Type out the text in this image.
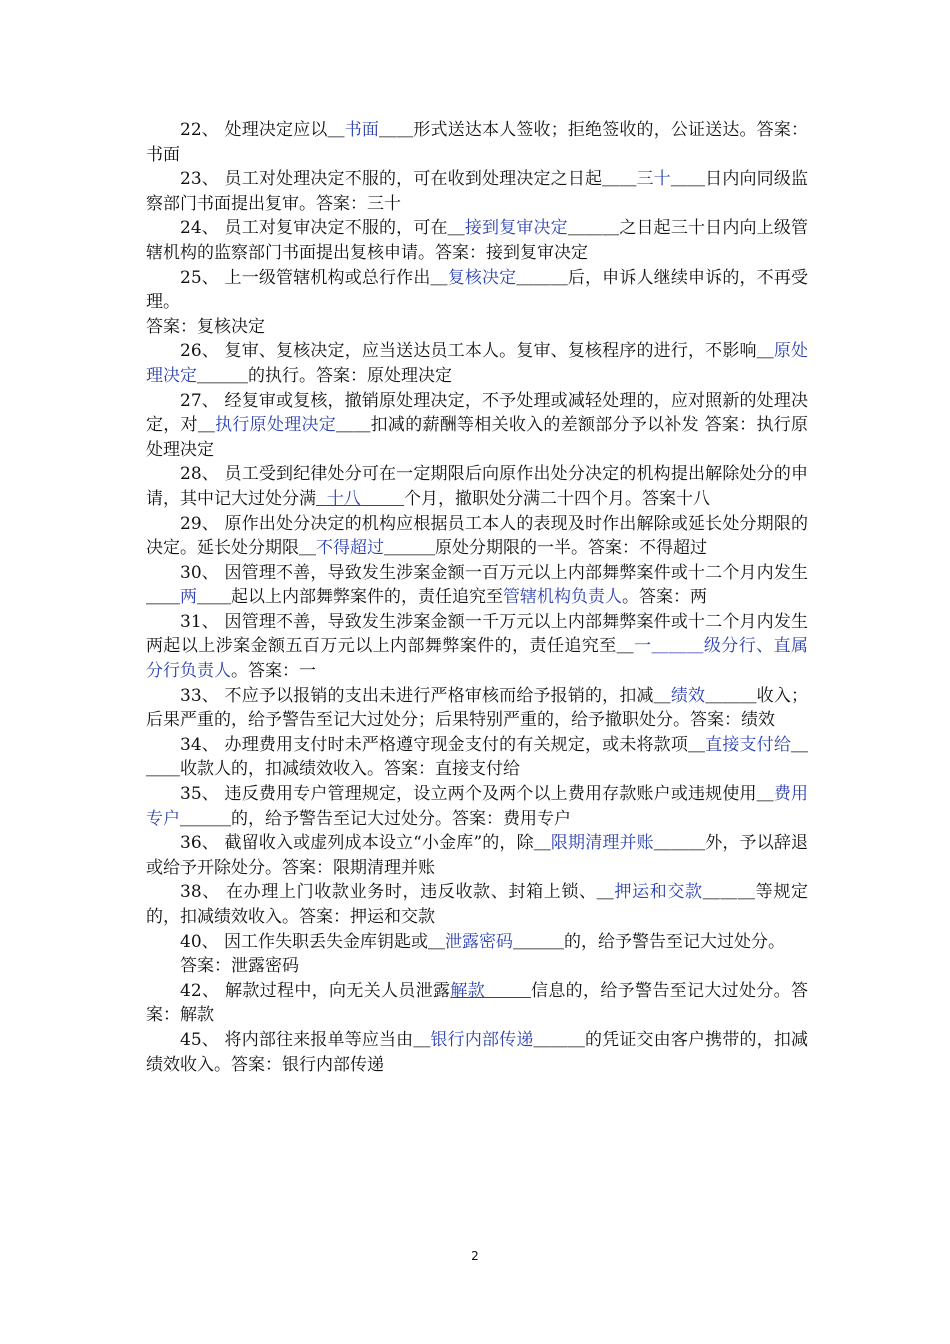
22、 处理决定应以＿书面＿＿形式送达本人签收；拒绝签收的，公证送达。答案：书面

23、 员工对处理决定不服的，可在收到处理决定之日起＿＿三十＿＿日内向同级监察部门书面提出复审。答案：三十

24、 员工对复审决定不服的，可在＿接到复审决定＿＿＿之日起三十日内向上级管辖机构的监察部门书面提出复核申请。答案：接到复审决定

25、 上一级管辖机构或总行作出＿复核决定＿＿＿后，申诉人继续申诉的，不再受理。

答案：复核决定

26、 复审、复核决定，应当送达员工本人。复审、复核程序的进行，不影响＿原处理决定＿＿＿的执行。答案：原处理决定

27、 经复审或复核，撤销原处理决定，不予处理或减轻处理的，应对照新的处理决定，对＿执行原处理决定＿＿扣减的薪酬等相关收入的差额部分予以补发 答案：执行原处理决定

28、 员工受到纪律处分可在一定期限后向原作出处分决定的机构提出解除处分的申请，其中记大过处分满 十八	个月，撤职处分满二十四个月。答案十八

29、 原作出处分决定的机构应根据员工本人的表现及时作出解除或延长处分期限的决定。延长处分期限＿不得超过＿＿＿原处分期限的一半。答案：不得超过

30、 因管理不善，导致发生涉案金额一百万元以上内部舞弊案件或十二个月内发生＿＿两＿＿起以上内部舞弊案件的，责任追究至管辖机构负责人。答案：两

31、 因管理不善，导致发生涉案金额一千万元以上内部舞弊案件或十二个月内发生两起以上涉案金额五百万元以上内部舞弊案件的，责任追究至＿一＿＿＿级分行、直属分行负责人。答案：一

33、 不应予以报销的支出未进行严格审核而给予报销的，扣减＿绩效＿＿＿收入；后果严重的，给予警告至记大过处分；后果特别严重的，给予撤职处分。答案：绩效

34、 办理费用支付时未严格遵守现金支付的有关规定，或未将款项＿直接支付给＿＿＿收款人的，扣减绩效收入。答案：直接支付给

35、 违反费用专户管理规定，设立两个及两个以上费用存款账户或违规使用＿费用专户＿＿＿的，给予警告至记大过处分。答案：费用专户

36、 截留收入或虚列成本设立“小金库”的，除＿限期清理并账＿＿＿外，予以辞退或给予开除处分。答案：限期清理并账

38、 在办理上门收款业务时，违反收款、封箱上锁、＿押运和交款＿＿＿等规定的，扣减绩效收入。答案：押运和交款

40、 因工作失职丢失金库钥匙或＿泄露密码＿＿＿的，给予警告至记大过处分。

答案：泄露密码

42、 解款过程中，向无关人员泄露解款	信息的，给予警告至记大过处分。答案：解款

45、 将内部往来报单等应当由＿银行内部传递＿＿＿的凭证交由客户携带的，扣减绩效收入。答案：银行内部传递

2
